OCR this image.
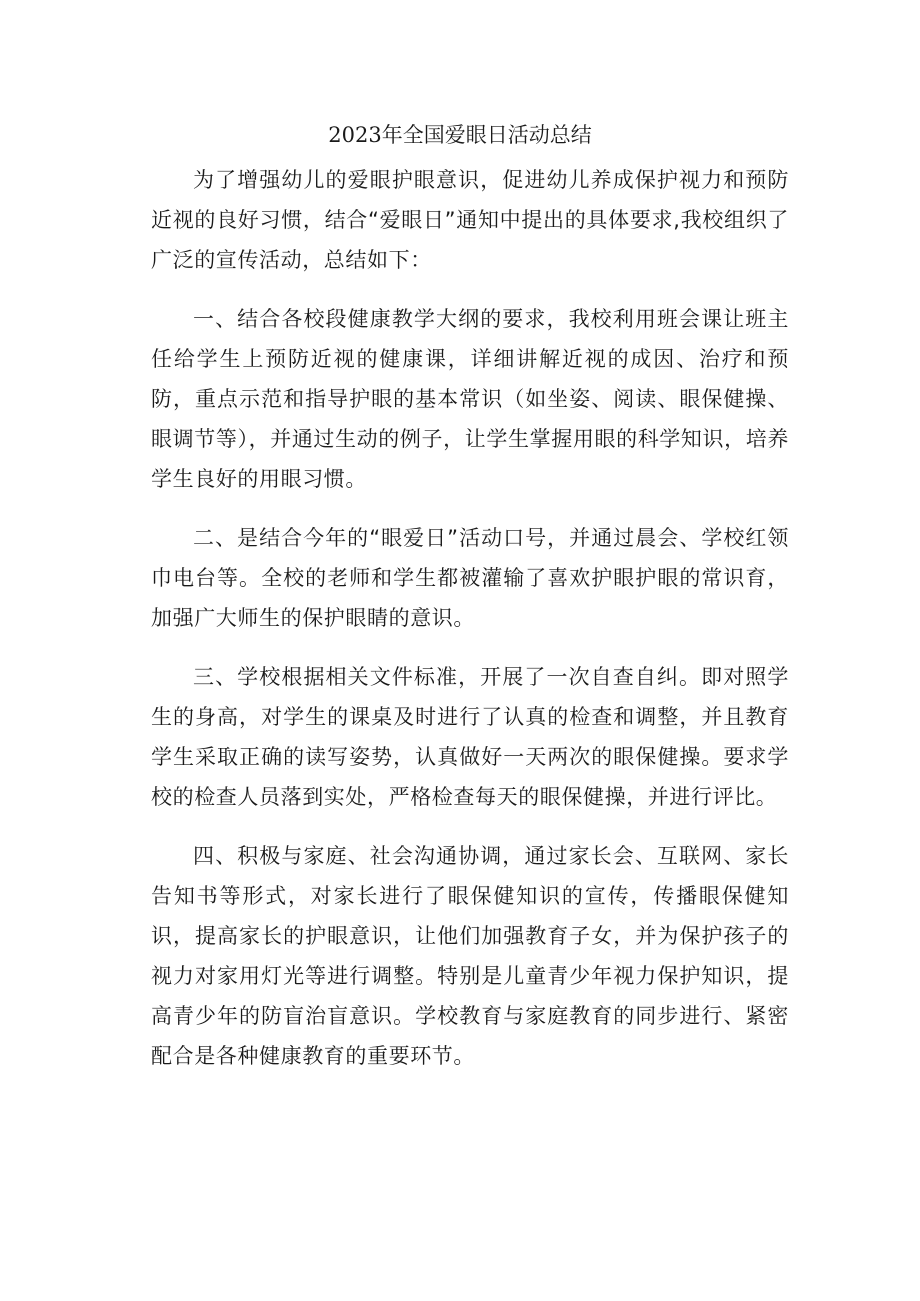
2023年全国爱眼日活动总结

为了增强幼儿的爱眼护眼意识，促进幼儿养成保护视力和预防近视的良好习惯，结合“爱眼日”通知中提出的具体要求,我校组织了广泛的宣传活动，总结如下：

一、结合各校段健康教学大纲的要求，我校利用班会课让班主任给学生上预防近视的健康课，详细讲解近视的成因、治疗和预防，重点示范和指导护眼的基本常识（如坐姿、阅读、眼保健操、眼调节等），并通过生动的例子，让学生掌握用眼的科学知识，培养学生良好的用眼习惯。

二、是结合今年的“眼爱日”活动口号，并通过晨会、学校红领巾电台等。全校的老师和学生都被灌输了喜欢护眼护眼的常识育，加强广大师生的保护眼睛的意识。

三、学校根据相关文件标准，开展了一次自查自纠。即对照学生的身高，对学生的课桌及时进行了认真的检查和调整，并且教育学生采取正确的读写姿势，认真做好一天两次的眼保健操。要求学校的检查人员落到实处，严格检查每天的眼保健操，并进行评比。

四、积极与家庭、社会沟通协调，通过家长会、互联网、家长告知书等形式，对家长进行了眼保健知识的宣传，传播眼保健知识，提高家长的护眼意识，让他们加强教育子女，并为保护孩子的视力对家用灯光等进行调整。特别是儿童青少年视力保护知识，提高青少年的防盲治盲意识。学校教育与家庭教育的同步进行、紧密配合是各种健康教育的重要环节。
